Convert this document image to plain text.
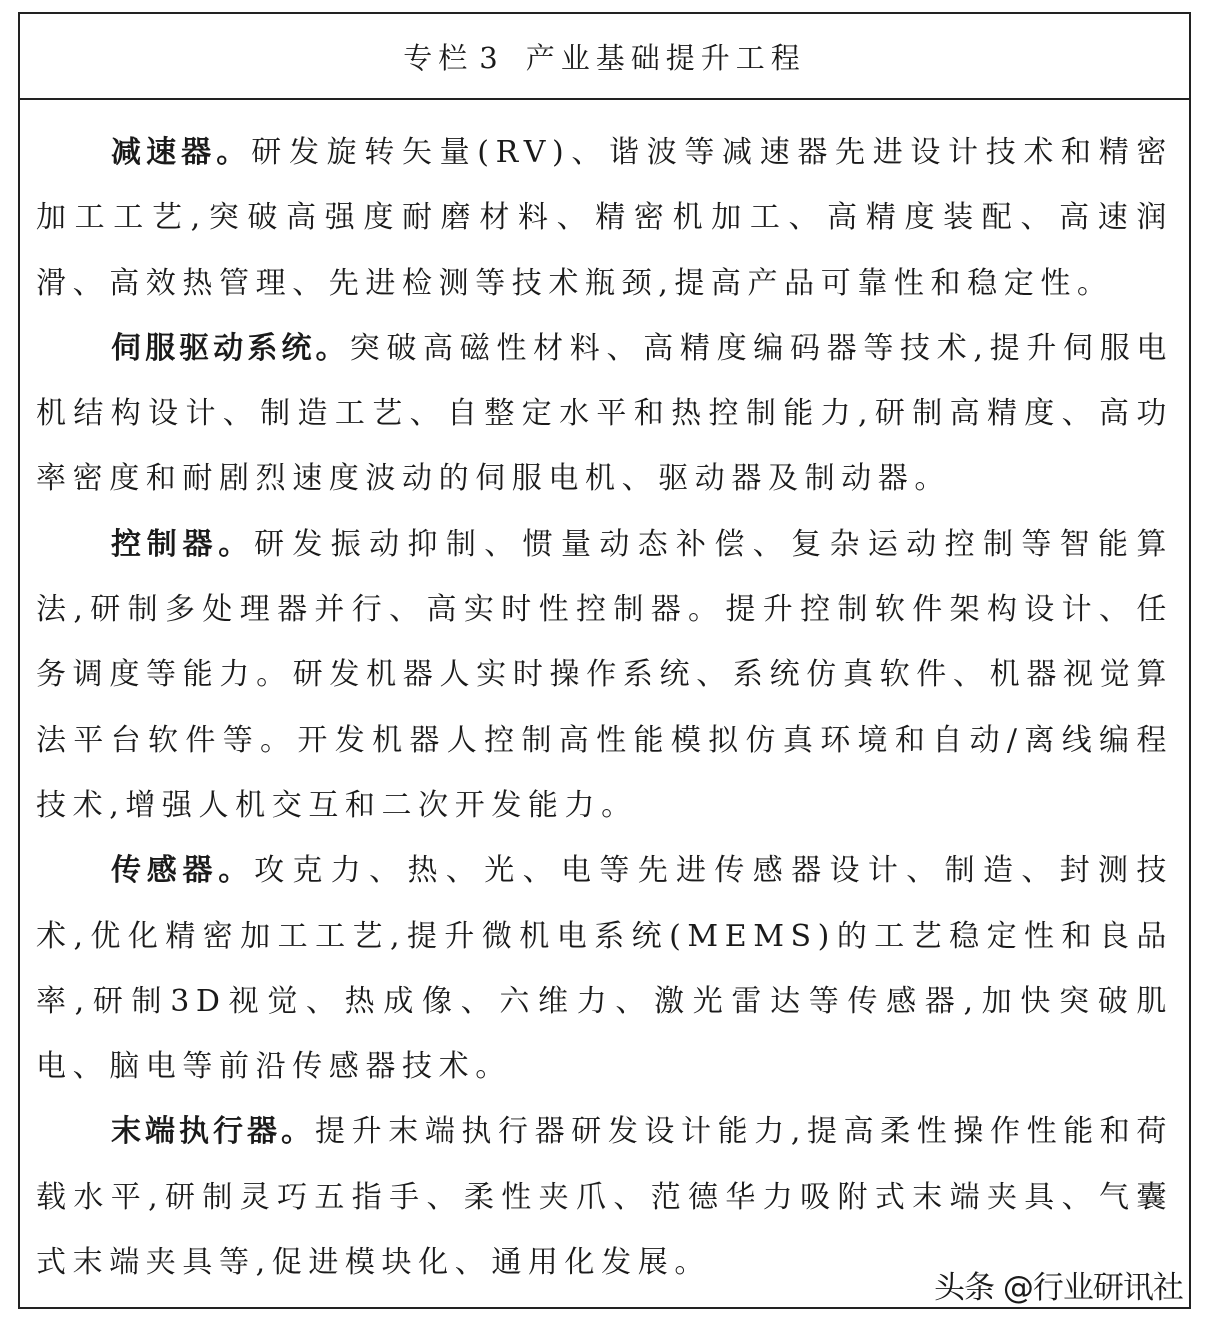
专栏 3 产业基础提升工程

减速器。研发旋转矢量(RV)、谐波等减速器先进设计技术和精密加工工艺,突破高强度耐磨材料、精密机加工、高精度装配、高速润滑、高效热管理、先进检测等技术瓶颈,提高产品可靠性和稳定性。

伺服驱动系统。突破高磁性材料、高精度编码器等技术,提升伺服电机结构设计、制造工艺、自整定水平和热控制能力,研制高精度、高功率密度和耐剧烈速度波动的伺服电机、驱动器及制动器。

控制器。研发振动抑制、惯量动态补偿、复杂运动控制等智能算法,研制多处理器并行、高实时性控制器。提升控制软件架构设计、任务调度等能力。研发机器人实时操作系统、系统仿真软件、机器视觉算法平台软件等。开发机器人控制高性能模拟仿真环境和自动/离线编程技术,增强人机交互和二次开发能力。

传感器。攻克力、热、光、电等先进传感器设计、制造、封测技术,优化精密加工工艺,提升微机电系统(MEMS)的工艺稳定性和良品率,研制3D视觉、热成像、六维力、激光雷达等传感器,加快突破肌电、脑电等前沿传感器技术。

末端执行器。提升末端执行器研发设计能力,提高柔性操作性能和荷载水平,研制灵巧五指手、柔性夹爪、范德华力吸附式末端夹具、气囊式末端夹具等,促进模块化、通用化发展。

头条 @行业研讯社
